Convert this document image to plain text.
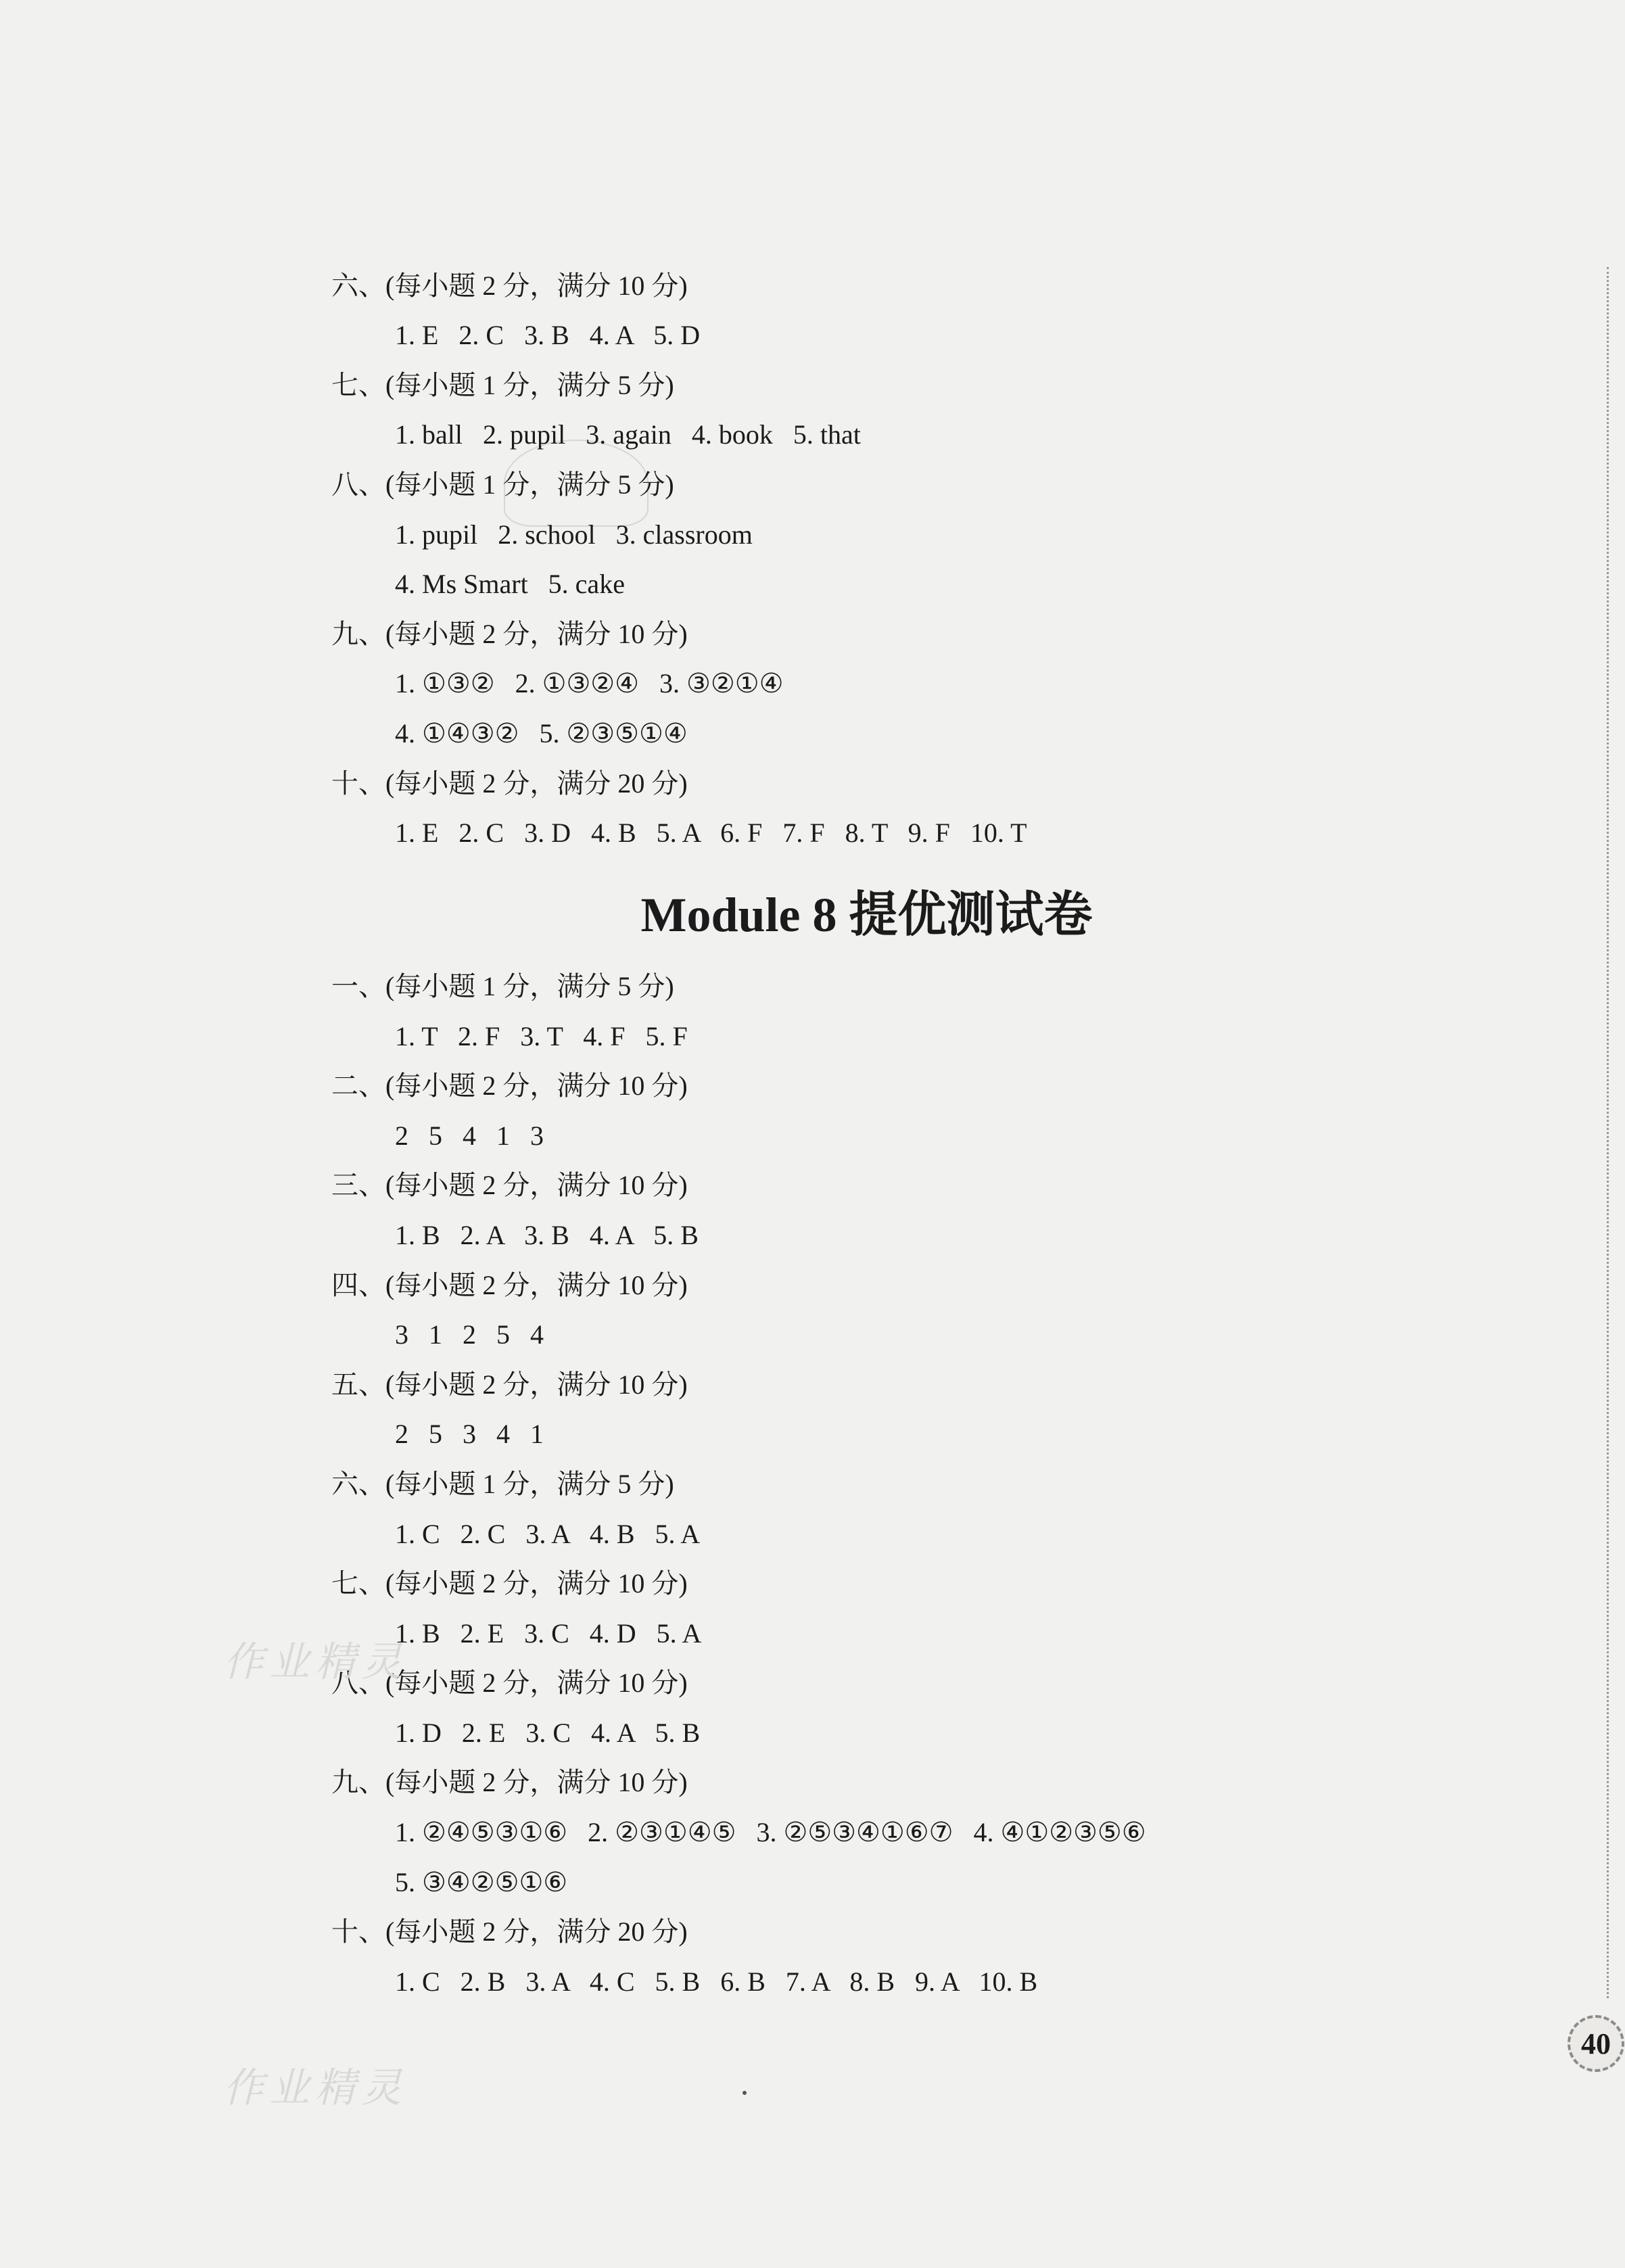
六、(每小题 2 分，满分 10 分)
1. E   2. C   3. B   4. A   5. D
七、(每小题 1 分，满分 5 分)
1. ball   2. pupil   3. again   4. book   5. that
八、(每小题 1 分，满分 5 分)
1. pupil   2. school   3. classroom
4. Ms Smart   5. cake
九、(每小题 2 分，满分 10 分)
1. ①③②   2. ①③②④   3. ③②①④
4. ①④③②   5. ②③⑤①④
十、(每小题 2 分，满分 20 分)
1. E   2. C   3. D   4. B   5. A   6. F   7. F   8. T   9. F   10. T
Module 8 提优测试卷
一、(每小题 1 分，满分 5 分)
1. T   2. F   3. T   4. F   5. F
二、(每小题 2 分，满分 10 分)
2   5   4   1   3
三、(每小题 2 分，满分 10 分)
1. B   2. A   3. B   4. A   5. B
四、(每小题 2 分，满分 10 分)
3   1   2   5   4
五、(每小题 2 分，满分 10 分)
2   5   3   4   1
六、(每小题 1 分，满分 5 分)
1. C   2. C   3. A   4. B   5. A
七、(每小题 2 分，满分 10 分)
1. B   2. E   3. C   4. D   5. A
八、(每小题 2 分，满分 10 分)
1. D   2. E   3. C   4. A   5. B
九、(每小题 2 分，满分 10 分)
1. ②④⑤③①⑥   2. ②③①④⑤   3. ②⑤③④①⑥⑦   4. ④①②③⑤⑥
5. ③④②⑤①⑥
十、(每小题 2 分，满分 20 分)
1. C   2. B   3. A   4. C   5. B   6. B   7. A   8. B   9. A   10. B
作业精灵
作业精灵
40
